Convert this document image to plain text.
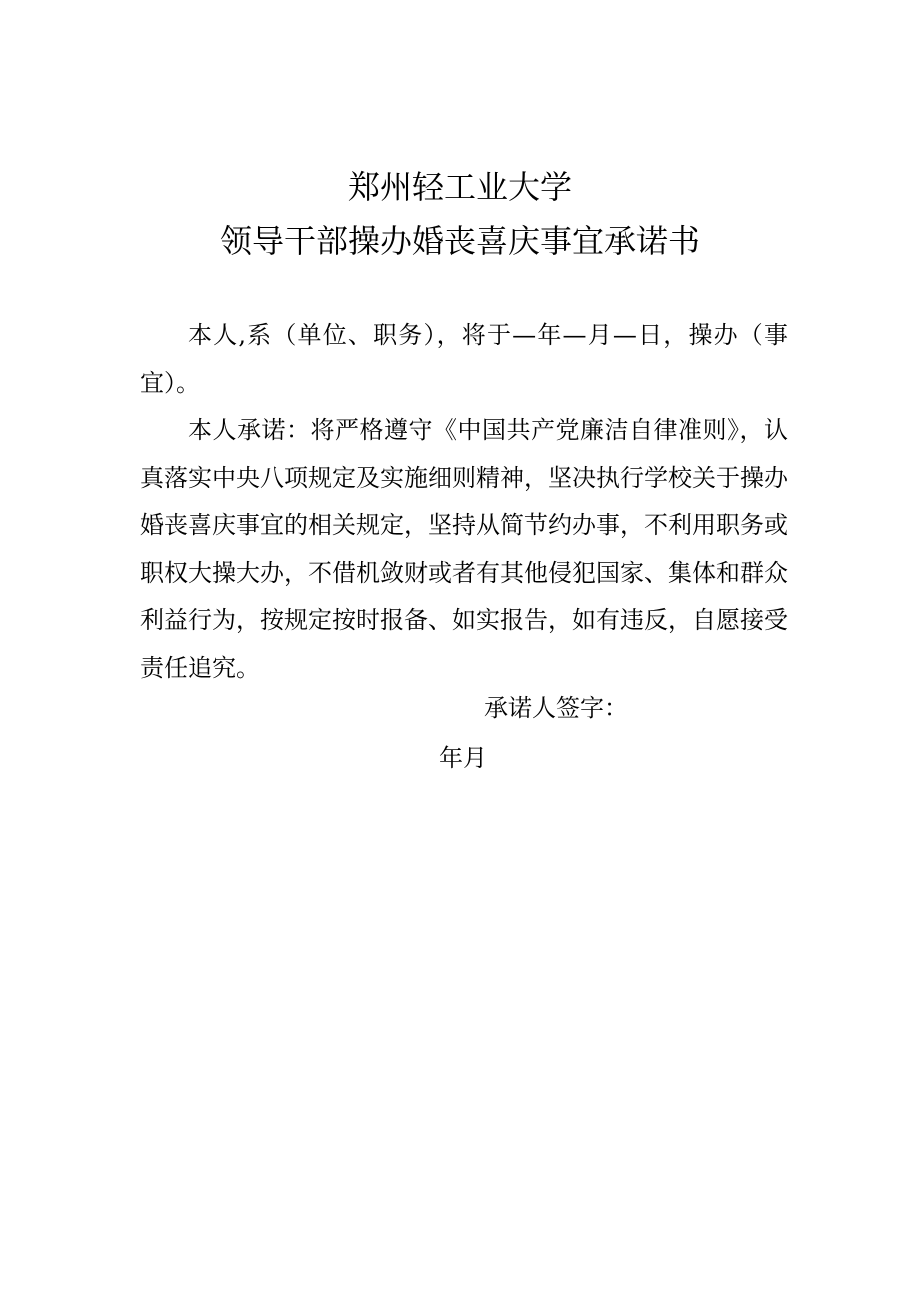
郑州轻工业大学
领导干部操办婚丧喜庆事宜承诺书

本人,系（单位、职务），将于—年—月—日，操办（事宜）。

本人承诺：将严格遵守《中国共产党廉洁自律准则》，认真落实中央八项规定及实施细则精神，坚决执行学校关于操办婚丧喜庆事宜的相关规定，坚持从简节约办事，不利用职务或职权大操大办，不借机敛财或者有其他侵犯国家、集体和群众利益行为，按规定按时报备、如实报告，如有违反，自愿接受责任追究。

承诺人签字：
年月
